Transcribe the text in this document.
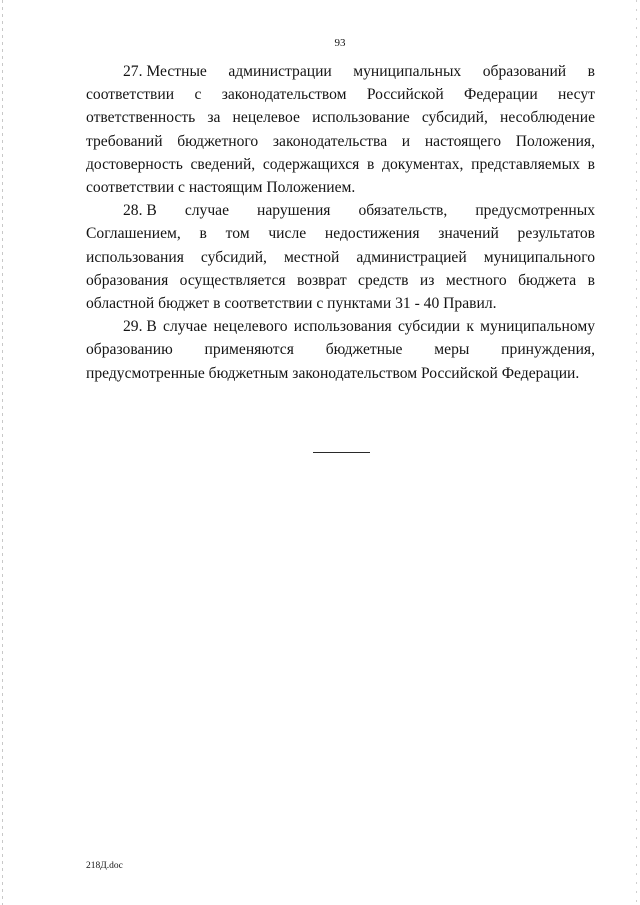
93

27. Местные администрации муниципальных образований в соответствии с законодательством Российской Федерации несут ответственность за нецелевое использование субсидий, несоблюдение требований бюджетного законодательства и настоящего Положения, достоверность сведений, содержащихся в документах, представляемых в соответствии с настоящим Положением.

28. В случае нарушения обязательств, предусмотренных Соглашением, в том числе недостижения значений результатов использования субсидий, местной администрацией муниципального образования осуществляется возврат средств из местного бюджета в областной бюджет в соответствии с пунктами 31 - 40 Правил.

29. В случае нецелевого использования субсидии к муниципальному образованию применяются бюджетные меры принуждения, предусмотренные бюджетным законодательством Российской Федерации.

218Д.doc
